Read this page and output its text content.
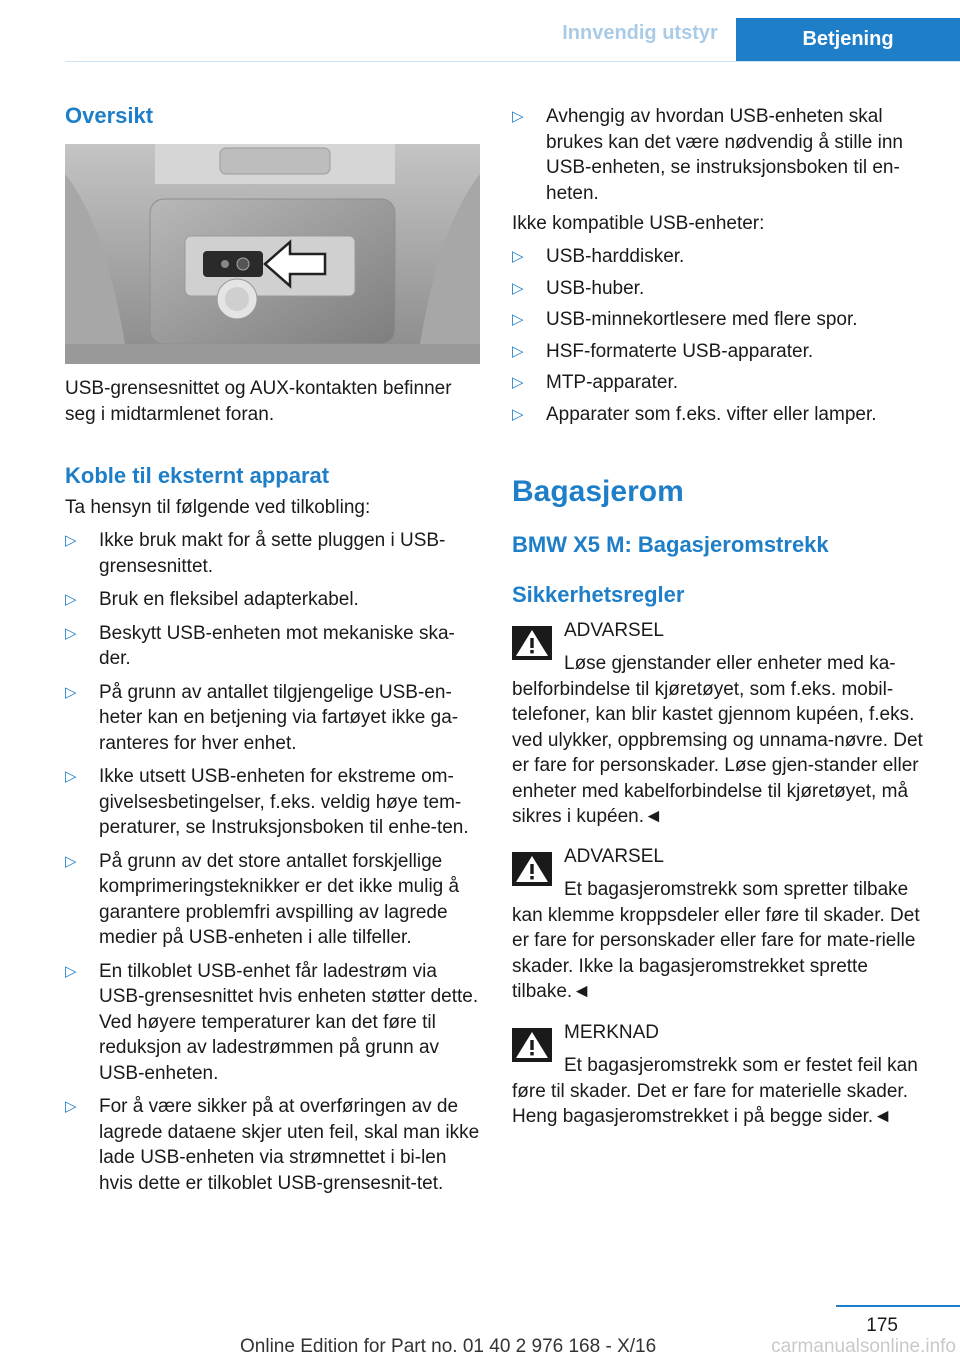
Innvendig utstyr	Betjening
Oversikt
USB-grensesnittet og AUX-kontakten befinner seg i midtarmlenet foran.
Koble til eksternt apparat
Ta hensyn til følgende ved tilkobling:
▷ Ikke bruk makt for å sette pluggen i USB-grensesnittet.
▷ Bruk en fleksibel adapterkabel.
▷ Beskytt USB-enheten mot mekaniske ska-der.
▷ På grunn av antallet tilgjengelige USB-en-heter kan en betjening via fartøyet ikke ga-ranteres for hver enhet.
▷ Ikke utsett USB-enheten for ekstreme om-givelsesbetingelser, f.eks. veldig høye tem-peraturer, se Instruksjonsboken til enhe-ten.
▷ På grunn av det store antallet forskjellige komprimeringsteknikker er det ikke mulig å garantere problemfri avspilling av lagrede medier på USB-enheten i alle tilfeller.
▷ En tilkoblet USB-enhet får ladestrøm via USB-grensesnittet hvis enheten støtter dette. Ved høyere temperaturer kan det føre til reduksjon av ladestrømmen på grunn av USB-enheten.
▷ For å være sikker på at overføringen av de lagrede dataene skjer uten feil, skal man ikke lade USB-enheten via strømnettet i bi-len hvis dette er tilkoblet USB-grensesnit-tet.
▷ Avhengig av hvordan USB-enheten skal brukes kan det være nødvendig å stille inn USB-enheten, se instruksjonsboken til en-heten.
Ikke kompatible USB-enheter:
▷ USB-harddisker.
▷ USB-huber.
▷ USB-minnekortlesere med flere spor.
▷ HSF-formaterte USB-apparater.
▷ MTP-apparater.
▷ Apparater som f.eks. vifter eller lamper.
Bagasjerom
BMW X5 M: Bagasjeromstrekk
Sikkerhetsregler
ADVARSEL
Løse gjenstander eller enheter med ka-belforbindelse til kjøretøyet, som f.eks. mobil-telefoner, kan blir kastet gjennom kupéen, f.eks. ved ulykker, oppbremsing og unnama-nøvre. Det er fare for personskader. Løse gjen-stander eller enheter med kabelforbindelse til kjøretøyet, må sikres i kupéen.◄
ADVARSEL
Et bagasjeromstrekk som spretter tilbake kan klemme kroppsdeler eller føre til skader. Det er fare for personskader eller fare for mate-rielle skader. Ikke la bagasjeromstrekket sprette tilbake.◄
MERKNAD
Et bagasjeromstrekk som er festet feil kan føre til skader. Det er fare for materielle skader. Heng bagasjeromstrekket i på begge sider.◄
175
Online Edition for Part no. 01 40 2 976 168 - X/16	carmanualsonline.info
